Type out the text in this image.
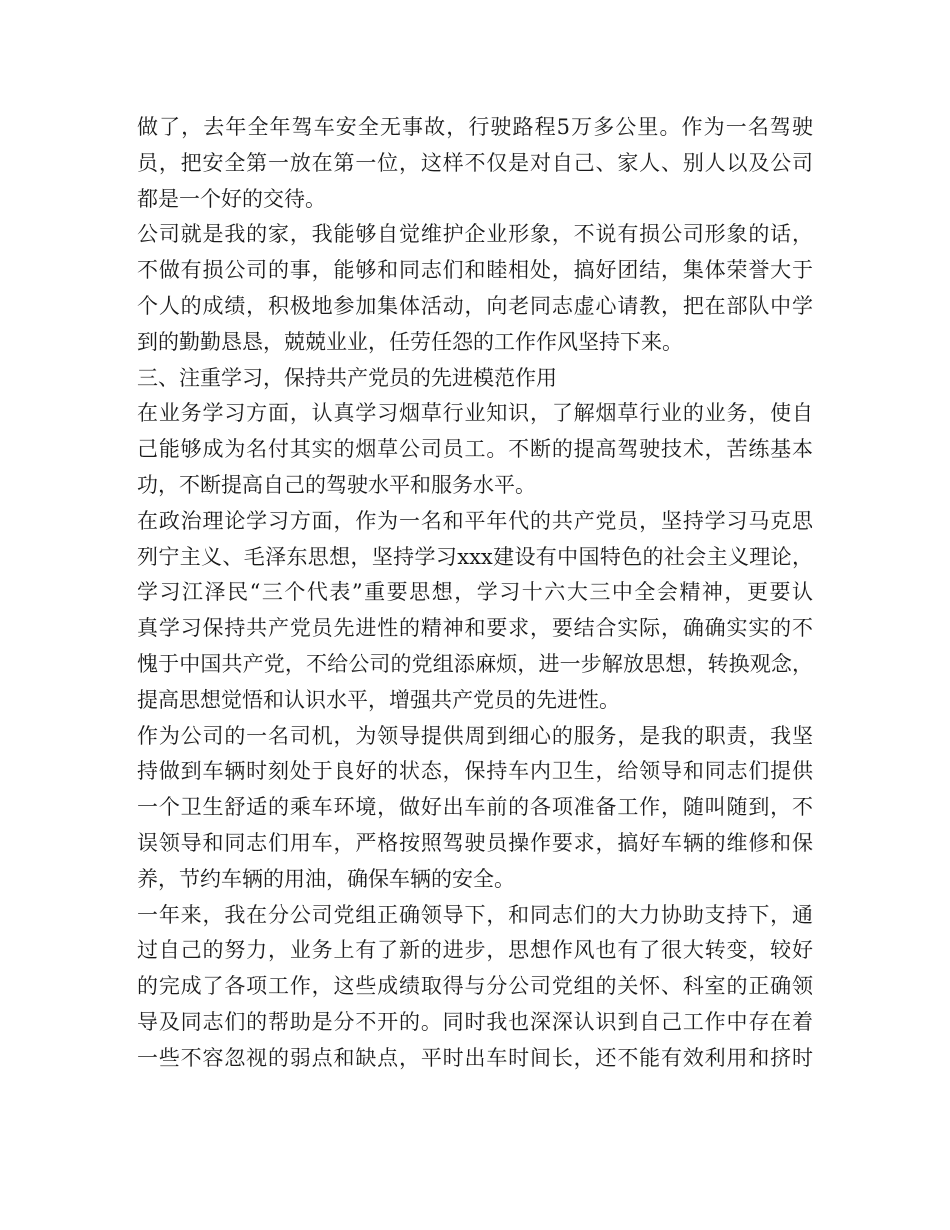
做了，去年全年驾车安全无事故，行驶路程5万多公里。作为一名驾驶
员，把安全第一放在第一位，这样不仅是对自己、家人、别人以及公司
都是一个好的交待。
公司就是我的家，我能够自觉维护企业形象，不说有损公司形象的话，
不做有损公司的事，能够和同志们和睦相处，搞好团结，集体荣誉大于
个人的成绩，积极地参加集体活动，向老同志虚心请教，把在部队中学
到的勤勤恳恳，兢兢业业，任劳任怨的工作作风坚持下来。
三、注重学习，保持共产党员的先进模范作用
在业务学习方面，认真学习烟草行业知识，了解烟草行业的业务，使自
己能够成为名付其实的烟草公司员工。不断的提高驾驶技术，苦练基本
功，不断提高自己的驾驶水平和服务水平。
在政治理论学习方面，作为一名和平年代的共产党员，坚持学习马克思
列宁主义、毛泽东思想，坚持学习xxx建设有中国特色的社会主义理论，
学习江泽民“三个代表”重要思想，学习十六大三中全会精神，更要认
真学习保持共产党员先进性的精神和要求，要结合实际，确确实实的不
愧于中国共产党，不给公司的党组添麻烦，进一步解放思想，转换观念，
提高思想觉悟和认识水平，增强共产党员的先进性。
作为公司的一名司机，为领导提供周到细心的服务，是我的职责，我坚
持做到车辆时刻处于良好的状态，保持车内卫生，给领导和同志们提供
一个卫生舒适的乘车环境，做好出车前的各项准备工作，随叫随到，不
误领导和同志们用车，严格按照驾驶员操作要求，搞好车辆的维修和保
养，节约车辆的用油，确保车辆的安全。
一年来，我在分公司党组正确领导下，和同志们的大力协助支持下，通
过自己的努力，业务上有了新的进步，思想作风也有了很大转变，较好
的完成了各项工作，这些成绩取得与分公司党组的关怀、科室的正确领
导及同志们的帮助是分不开的。同时我也深深认识到自己工作中存在着
一些不容忽视的弱点和缺点，平时出车时间长，还不能有效利用和挤时
